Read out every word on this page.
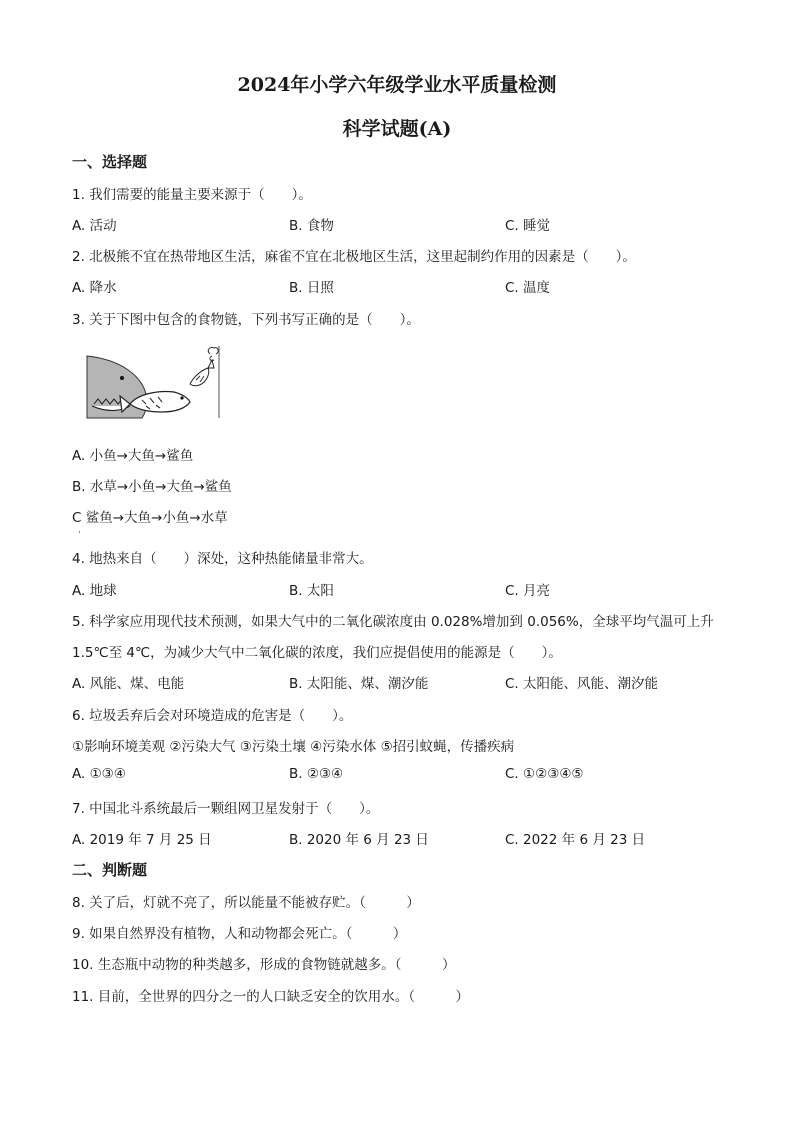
2024年小学六年级学业水平质量检测
科学试题(A)
一、选择题
1. 我们需要的能量主要来源于（　　）。
A. 活动	B. 食物	C. 睡觉
2. 北极熊不宜在热带地区生活，麻雀不宜在北极地区生活，这里起制约作用的因素是（　　）。
A. 降水	B. 日照	C. 温度
3. 关于下图中包含的食物链，下列书写正确的是（　　）。
A. 小鱼→大鱼→鲨鱼
B. 水草→小鱼→大鱼→鲨鱼
C 鲨鱼→大鱼→小鱼→水草
·
4. 地热来自（　　）深处，这种热能储量非常大。
A. 地球	B. 太阳	C. 月亮
5. 科学家应用现代技术预测，如果大气中的二氧化碳浓度由 0.028%增加到 0.056%，全球平均气温可上升
1.5℃至 4℃，为减少大气中二氧化碳的浓度，我们应提倡使用的能源是（　　）。
A. 风能、煤、电能	B. 太阳能、煤、潮汐能	C. 太阳能、风能、潮汐能
6. 垃圾丢弃后会对环境造成的危害是（　　）。
①影响环境美观 ②污染大气 ③污染土壤 ④污染水体 ⑤招引蚊蝇，传播疾病
A. ①③④	B. ②③④	C. ①②③④⑤
7. 中国北斗系统最后一颗组网卫星发射于（　　）。
A. 2019 年 7 月 25 日	B. 2020 年 6 月 23 日	C. 2022 年 6 月 23 日
二、判断题
8. 关了后，灯就不亮了，所以能量不能被存贮。（　　　）
9. 如果自然界没有植物，人和动物都会死亡。（　　　）
10. 生态瓶中动物的种类越多，形成的食物链就越多。（　　　）
11. 目前，全世界的四分之一的人口缺乏安全的饮用水。（　　　）
